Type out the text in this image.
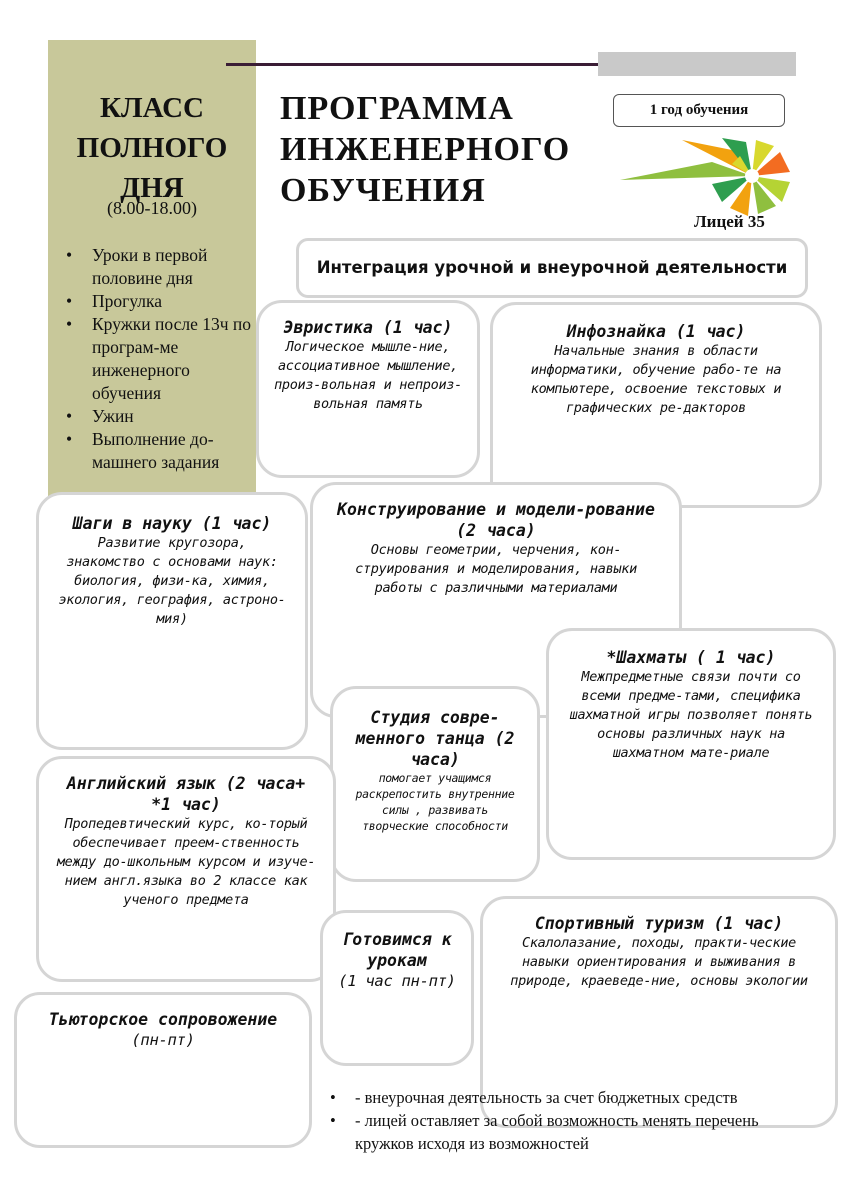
КЛАСС
ПОЛНОГО
ДНЯ
(8.00-18.00)
• Уроки в первой половине дня
• Прогулка
• Кружки после 13ч по програм-ме инженерного обучения
• Ужин
• Выполнение до-машнего задания
ПРОГРАММА
ИНЖЕНЕРНОГО
ОБУЧЕНИЯ
1 год обучения
Лицей 35
Интеграция урочной и внеурочной деятельности
Эвристика (1 час)
Логическое мышле-ние, ассоциативное мышление, произ-вольная и непроиз-вольная память
Инфознайка (1 час)
Начальные знания в области информатики, обучение рабо-те на компьютере, освоение текстовых и графических ре-дакторов
Шаги в науку (1 час)
Развитие кругозора, знакомство с основами наук: биология, физи-ка, химия, экология, география, астроно-мия)
Конструирование и модели-рование (2 часа)
Основы геометрии, черчения, кон-струирования и моделирования, навыки работы с различными материалами
*Шахматы ( 1 час)
Межпредметные связи почти со всеми предме-тами, специфика шахматной игры позволяет понять основы различных наук на шахматном мате-риале
Студия совре-менного танца (2 часа)
помогает учащимся раскрепостить внутренние силы , развивать творческие способности
Английский язык (2 часа+ *1 час)
Пропедевтический курс, ко-торый обеспечивает преем-ственность между до-школьным курсом и изуче-нием англ.языка во 2 классе как ученого предмета
Готовимся к урокам
(1 час пн-пт)
Спортивный туризм (1 час)
Скалолазание, походы, практи-ческие навыки ориентирования и выживания в природе, краеведе-ние, основы экологии
Тьюторское сопровожение
(пн-пт)
• - внеурочная деятельность за счет бюджетных средств
• - лицей оставляет за собой возможность менять перечень кружков исходя из возможностей
